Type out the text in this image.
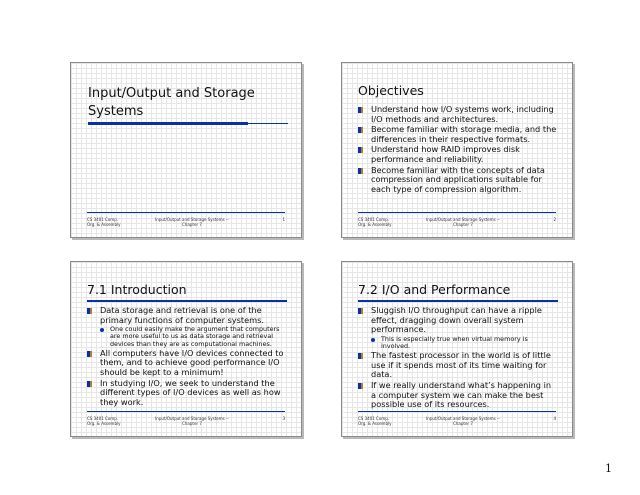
Input/Output and Storage Systems
CS 3401 Comp. Org. & Assembly
Input/Output and Storage Systems -- Chapter 7
1
Objectives
Understand how I/O systems work, including I/O methods and architectures.
Become familiar with storage media, and the differences in their respective formats.
Understand how RAID improves disk performance and reliability.
Become familiar with the concepts of data compression and applications suitable for each type of compression algorithm.
CS 3401 Comp. Org. & Assembly
Input/Output and Storage Systems -- Chapter 7
2
7.1 Introduction
Data storage and retrieval is one of the primary functions of computer systems.
One could easily make the argument that computers are more useful to us as data storage and retrieval devices than they are as computational machines.
All computers have I/O devices connected to them, and to achieve good performance I/O should be kept to a minimum!
In studying I/O, we seek to understand the different types of I/O devices as well as how they work.
CS 3401 Comp. Org. & Assembly
Input/Output and Storage Systems -- Chapter 7
3
7.2 I/O and Performance
Sluggish I/O throughput can have a ripple effect, dragging down overall system performance.
This is especially true when virtual memory is involved.
The fastest processor in the world is of little use if it spends most of its time waiting for data.
If we really understand what’s happening in a computer system we can make the best possible use of its resources.
CS 3401 Comp. Org. & Assembly
Input/Output and Storage Systems -- Chapter 7
4
1
